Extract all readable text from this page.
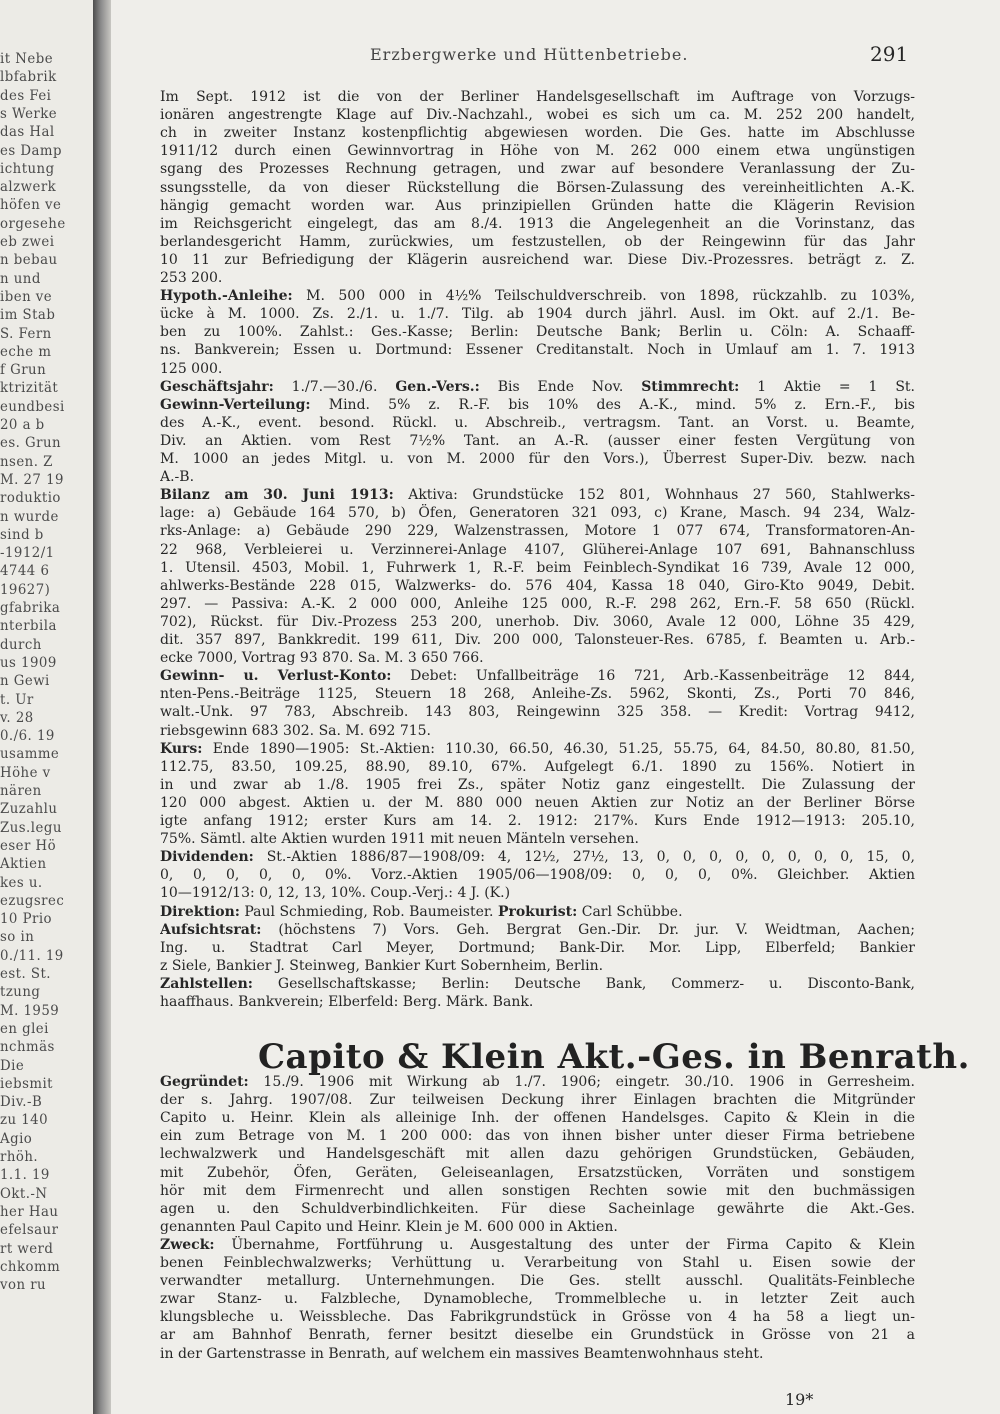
it Nebe
lbfabrik
des Fei
s Werke
das Hal
es Damp
ichtung
alzwerk
höfen ve
orgesehe
eb zwei
n bebau
n und
iben ve
im Stab
S. Fern
eche m
f Grun
ktrizität
eundbesi
20 a b
es. Grun
nsen. Z
M. 27 19
roduktio
n wurde
sind b
-1912/1
4744 6
19627)
gfabrika
nterbila
durch
us 1909
n Gewi
t. Ur
v. 28
0./6. 19
usamme
Höhe v
nären
Zuzahlu
Zus.legu
eser Hö
Aktien
kes u.
ezugsrec
10 Prio
so in
0./11. 19
est. St.
tzung
M. 1959
en glei
nchmäs
Die
iebsmit
Div.-B
zu 140
Agio
rhöh.
1.1. 19
Okt.-N
her Hau
efelsaur
rt werd
chkomm
von ru
Erzbergwerke und Hüttenbetriebe.	291
Im Sept. 1912 ist die von der Berliner Handelsgesellschaft im Auftrage von Vorzugs-
ionären angestrengte Klage auf Div.-Nachzahl., wobei es sich um ca. M. 252 200 handelt,
ch in zweiter Instanz kostenpflichtig abgewiesen worden. Die Ges. hatte im Abschlusse
1911/12 durch einen Gewinnvortrag in Höhe von M. 262 000 einem etwa ungünstigen
sgang des Prozesses Rechnung getragen, und zwar auf besondere Veranlassung der Zu-
ssungsstelle, da von dieser Rückstellung die Börsen-Zulassung des vereinheitlichten A.-K.
hängig gemacht worden war. Aus prinzipiellen Gründen hatte die Klägerin Revision
im Reichsgericht eingelegt, das am 8./4. 1913 die Angelegenheit an die Vorinstanz, das
berlandesgericht Hamm, zurückwies, um festzustellen, ob der Reingewinn für das Jahr
10 11 zur Befriedigung der Klägerin ausreichend war. Diese Div.-Prozessres. beträgt z. Z.
253 200.
Hypoth.-Anleihe: M. 500 000 in 4½% Teilschuldverschreib. von 1898, rückzahlb. zu 103%,
ücke à M. 1000. Zs. 2./1. u. 1./7. Tilg. ab 1904 durch jährl. Ausl. im Okt. auf 2./1. Be-
ben zu 100%. Zahlst.: Ges.-Kasse; Berlin: Deutsche Bank; Berlin u. Cöln: A. Schaaff-
ns. Bankverein; Essen u. Dortmund: Essener Creditanstalt. Noch in Umlauf am 1. 7. 1913
125 000.
Geschäftsjahr: 1./7.—30./6. Gen.-Vers.: Bis Ende Nov. Stimmrecht: 1 Aktie = 1 St.
Gewinn-Verteilung: Mind. 5% z. R.-F. bis 10% des A.-K., mind. 5% z. Ern.-F., bis
des A.-K., event. besond. Rückl. u. Abschreib., vertragsm. Tant. an Vorst. u. Beamte,
Div. an Aktien. vom Rest 7½% Tant. an A.-R. (ausser einer festen Vergütung von
M. 1000 an jedes Mitgl. u. von M. 2000 für den Vors.), Überrest Super-Div. bezw. nach
A.-B.
Bilanz am 30. Juni 1913: Aktiva: Grundstücke 152 801, Wohnhaus 27 560, Stahlwerks-
lage: a) Gebäude 164 570, b) Öfen, Generatoren 321 093, c) Krane, Masch. 94 234, Walz-
rks-Anlage: a) Gebäude 290 229, Walzenstrassen, Motore 1 077 674, Transformatoren-An-
22 968, Verbleierei u. Verzinnerei-Anlage 4107, Glüherei-Anlage 107 691, Bahnanschluss
1. Utensil. 4503, Mobil. 1, Fuhrwerk 1, R.-F. beim Feinblech-Syndikat 16 739, Avale 12 000,
ahlwerks-Bestände 228 015, Walzwerks- do. 576 404, Kassa 18 040, Giro-Kto 9049, Debit.
297. — Passiva: A.-K. 2 000 000, Anleihe 125 000, R.-F. 298 262, Ern.-F. 58 650 (Rückl.
702), Rückst. für Div.-Prozess 253 200, unerhob. Div. 3060, Avale 12 000, Löhne 35 429,
dit. 357 897, Bankkredit. 199 611, Div. 200 000, Talonsteuer-Res. 6785, f. Beamten u. Arb.-
ecke 7000, Vortrag 93 870. Sa. M. 3 650 766.
Gewinn- u. Verlust-Konto: Debet: Unfallbeiträge 16 721, Arb.-Kassenbeiträge 12 844,
nten-Pens.-Beiträge 1125, Steuern 18 268, Anleihe-Zs. 5962, Skonti, Zs., Porti 70 846,
walt.-Unk. 97 783, Abschreib. 143 803, Reingewinn 325 358. — Kredit: Vortrag 9412,
riebsgewinn 683 302. Sa. M. 692 715.
Kurs: Ende 1890—1905: St.-Aktien: 110.30, 66.50, 46.30, 51.25, 55.75, 64, 84.50, 80.80, 81.50,
112.75, 83.50, 109.25, 88.90, 89.10, 67%. Aufgelegt 6./1. 1890 zu 156%. Notiert in
in und zwar ab 1./8. 1905 frei Zs., später Notiz ganz eingestellt. Die Zulassung der
120 000 abgest. Aktien u. der M. 880 000 neuen Aktien zur Notiz an der Berliner Börse
igte anfang 1912; erster Kurs am 14. 2. 1912: 217%. Kurs Ende 1912—1913: 205.10,
75%. Sämtl. alte Aktien wurden 1911 mit neuen Mänteln versehen.
Dividenden: St.-Aktien 1886/87—1908/09: 4, 12½, 27½, 13, 0, 0, 0, 0, 0, 0, 0, 0, 15, 0,
0, 0, 0, 0, 0, 0%. Vorz.-Aktien 1905/06—1908/09: 0, 0, 0, 0%. Gleichber. Aktien
10—1912/13: 0, 12, 13, 10%. Coup.-Verj.: 4 J. (K.)
Direktion: Paul Schmieding, Rob. Baumeister. Prokurist: Carl Schübbe.
Aufsichtsrat: (höchstens 7) Vors. Geh. Bergrat Gen.-Dir. Dr. jur. V. Weidtman, Aachen;
Ing. u. Stadtrat Carl Meyer, Dortmund; Bank-Dir. Mor. Lipp, Elberfeld; Bankier
z Siele, Bankier J. Steinweg, Bankier Kurt Sobernheim, Berlin.
Zahlstellen: Gesellschaftskasse; Berlin: Deutsche Bank, Commerz- u. Disconto-Bank,
haaffhaus. Bankverein; Elberfeld: Berg. Märk. Bank.
Capito & Klein Akt.-Ges. in Benrath.
Gegründet: 15./9. 1906 mit Wirkung ab 1./7. 1906; eingetr. 30./10. 1906 in Gerresheim.
der s. Jahrg. 1907/08. Zur teilweisen Deckung ihrer Einlagen brachten die Mitgründer
Capito u. Heinr. Klein als alleinige Inh. der offenen Handelsges. Capito & Klein in die
ein zum Betrage von M. 1 200 000: das von ihnen bisher unter dieser Firma betriebene
lechwalzwerk und Handelsgeschäft mit allen dazu gehörigen Grundstücken, Gebäuden,
mit Zubehör, Öfen, Geräten, Geleiseanlagen, Ersatzstücken, Vorräten und sonstigem
hör mit dem Firmenrecht und allen sonstigen Rechten sowie mit den buchmässigen
agen u. den Schuldverbindlichkeiten. Für diese Sacheinlage gewährte die Akt.-Ges.
genannten Paul Capito und Heinr. Klein je M. 600 000 in Aktien.
Zweck: Übernahme, Fortführung u. Ausgestaltung des unter der Firma Capito & Klein
benen Feinblechwalzwerks; Verhüttung u. Verarbeitung von Stahl u. Eisen sowie der
verwandter metallurg. Unternehmungen. Die Ges. stellt ausschl. Qualitäts-Feinbleche
zwar Stanz- u. Falzbleche, Dynamobleche, Trommelbleche u. in letzter Zeit auch
klungsbleche u. Weissbleche. Das Fabrikgrundstück in Grösse von 4 ha 58 a liegt un-
ar am Bahnhof Benrath, ferner besitzt dieselbe ein Grundstück in Grösse von 21 a
in der Gartenstrasse in Benrath, auf welchem ein massives Beamtenwohnhaus steht.
19*
